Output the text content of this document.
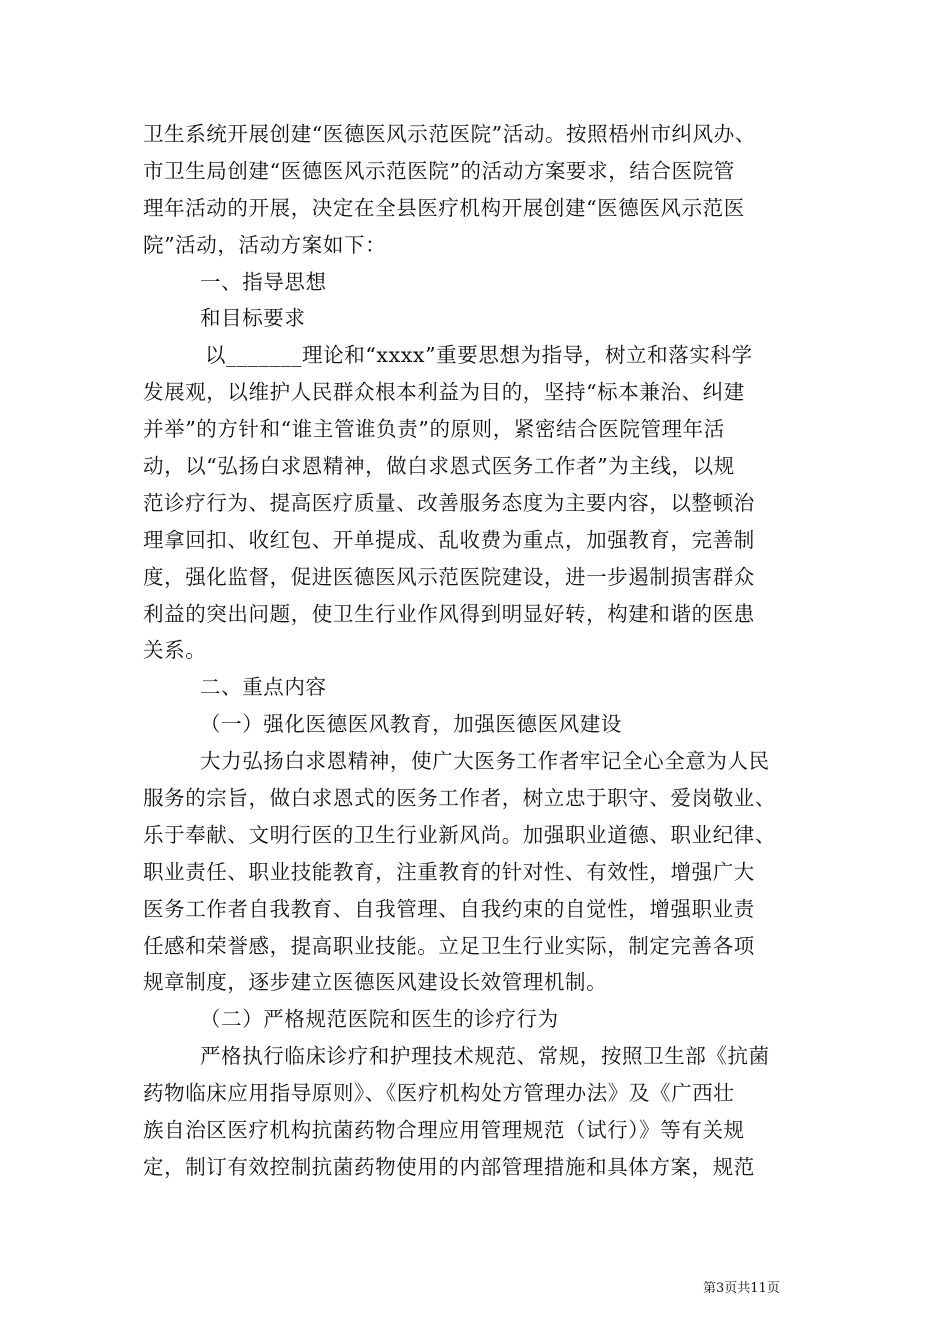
卫生系统开展创建“医德医风示范医院”活动。按照梧州市纠风办、
市卫生局创建“医德医风示范医院”的活动方案要求，结合医院管
理年活动的开展，决定在全县医疗机构开展创建“医德医风示范医
院”活动，活动方案如下：
一、指导思想
和目标要求
以_______理论和“xxxx”重要思想为指导，树立和落实科学
发展观，以维护人民群众根本利益为目的，坚持“标本兼治、纠建
并举”的方针和“谁主管谁负责”的原则，紧密结合医院管理年活
动，以“弘扬白求恩精神，做白求恩式医务工作者”为主线，以规
范诊疗行为、提高医疗质量、改善服务态度为主要内容，以整顿治
理拿回扣、收红包、开单提成、乱收费为重点，加强教育，完善制
度，强化监督，促进医德医风示范医院建设，进一步遏制损害群众
利益的突出问题，使卫生行业作风得到明显好转，构建和谐的医患
关系。
二、重点内容
（一）强化医德医风教育，加强医德医风建设
大力弘扬白求恩精神，使广大医务工作者牢记全心全意为人民
服务的宗旨，做白求恩式的医务工作者，树立忠于职守、爱岗敬业、
乐于奉献、文明行医的卫生行业新风尚。加强职业道德、职业纪律、
职业责任、职业技能教育，注重教育的针对性、有效性，增强广大
医务工作者自我教育、自我管理、自我约束的自觉性，增强职业责
任感和荣誉感，提高职业技能。立足卫生行业实际，制定完善各项
规章制度，逐步建立医德医风建设长效管理机制。
（二）严格规范医院和医生的诊疗行为
严格执行临床诊疗和护理技术规范、常规，按照卫生部《抗菌
药物临床应用指导原则》、《医疗机构处方管理办法》及《广西壮
族自治区医疗机构抗菌药物合理应用管理规范（试行）》等有关规
定，制订有效控制抗菌药物使用的内部管理措施和具体方案，规范
第3页共11页
